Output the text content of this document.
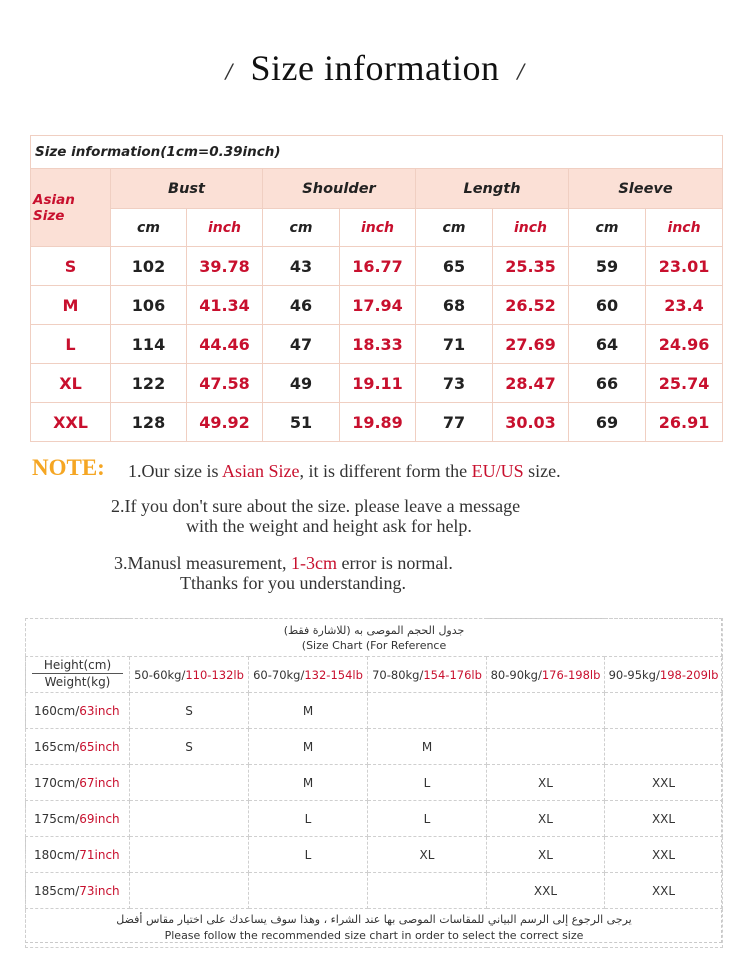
/ Size information /
Size information(1cm=0.39inch)								
Asian Size	Bust		Shoulder		Length		Sleeve	
	cm	inch	cm	inch	cm	inch	cm	inch
S	102	39.78	43	16.77	65	25.35	59	23.01
M	106	41.34	46	17.94	68	26.52	60	23.4
L	114	44.46	47	18.33	71	27.69	64	24.96
XL	122	47.58	49	19.11	73	28.47	66	25.74
XXL	128	49.92	51	19.89	77	30.03	69	26.91
NOTE: 1.Our size is Asian Size, it is different form the EU/US size.
2.If you don't sure about the size. please leave a message
with the weight and height ask for help.
3.Manusl measurement, 1-3cm error is normal.
Tthanks for you understanding.
جدول الحجم الموصى به (للاشارة فقط)
(Size Chart (For Reference					

Height(cm)
Weight(kg)	50-60kg/110-132lb	60-70kg/132-154lb	70-80kg/154-176lb	80-90kg/176-198lb	90-95kg/198-209lb
160cm/63inch	S	M			
165cm/65inch	S	M	M		
170cm/67inch		M	L	XL	XXL
175cm/69inch		L	L	XL	XXL
180cm/71inch		L	XL	XL	XXL
185cm/73inch				XXL	XXL

يرجى الرجوع إلى الرسم البياني للمقاسات الموصى بها عند الشراء ، وهذا سوف يساعدك على اختيار مقاس أفضل
Please follow the recommended size chart in order to select the correct size					
